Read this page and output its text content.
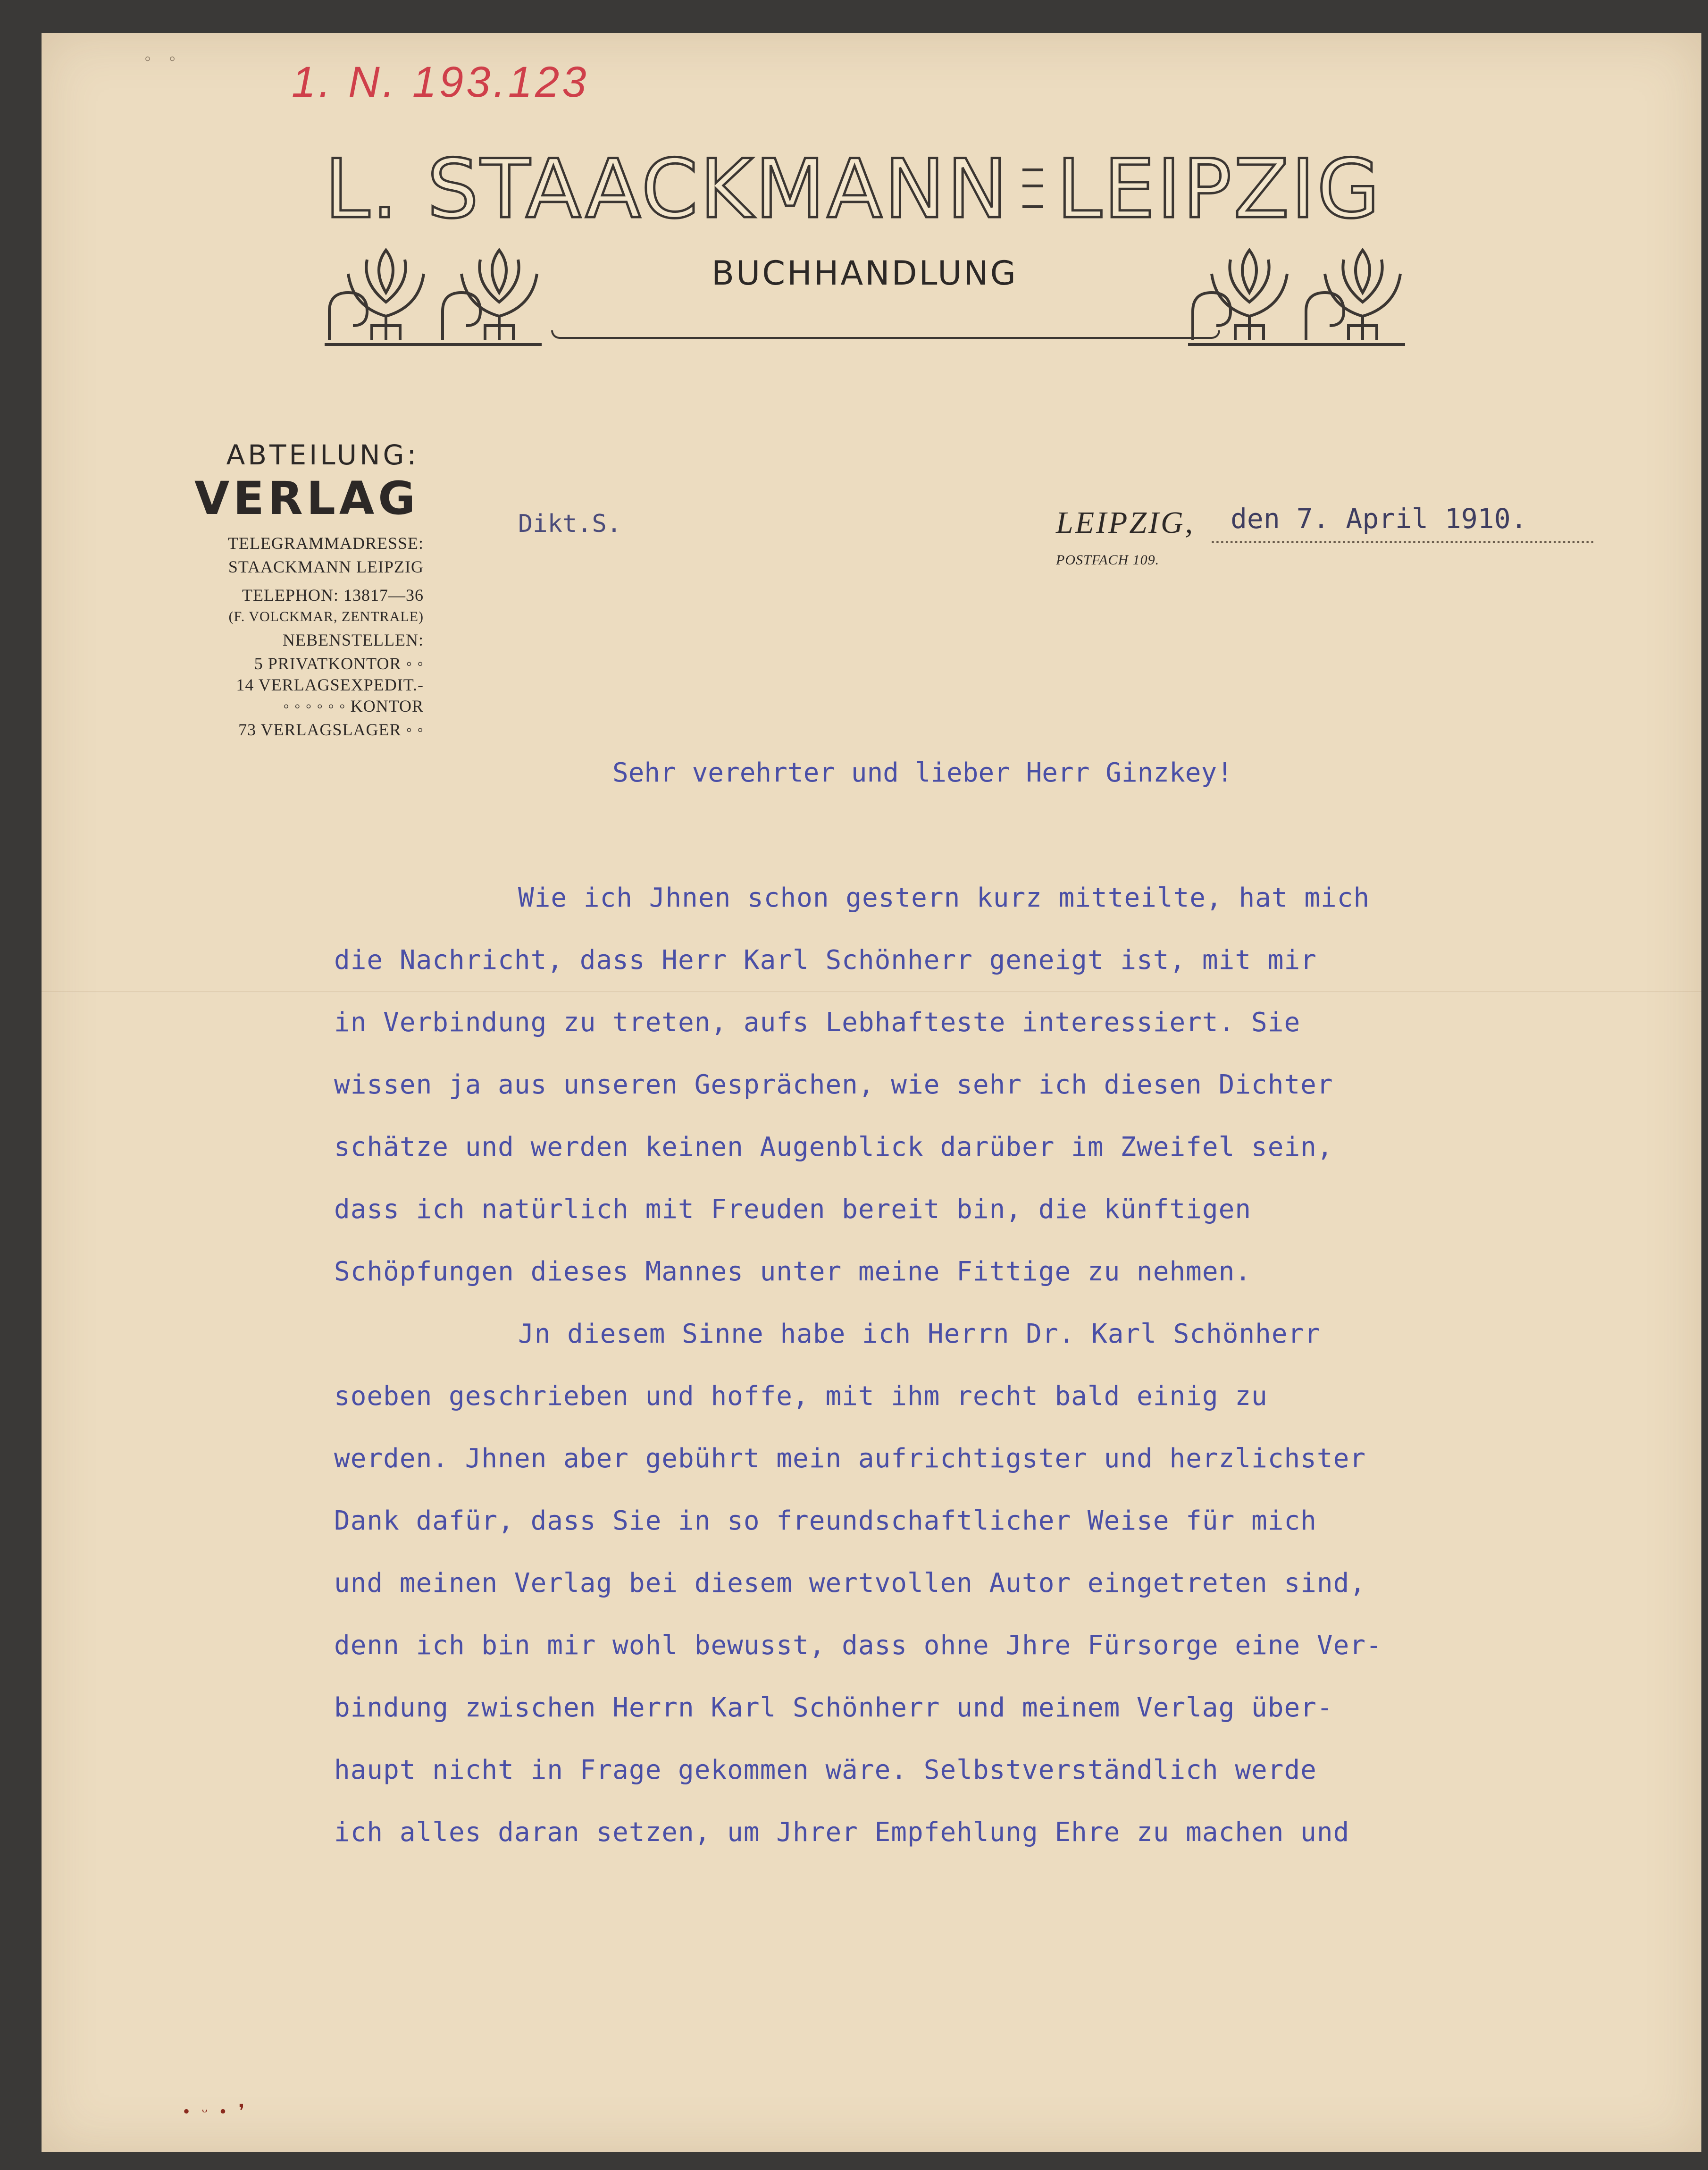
◦ ◦	1. N. 193.123
L. STAACKMANN LEIPZIG
BUCHHANDLUNG
ABTEILUNG:
VERLAG
TELEGRAMMADRESSE:
STAACKMANN LEIPZIG
TELEPHON: 13817—36
(F. VOLCKMAR, ZENTRALE)
NEBENSTELLEN:
5 PRIVATKONTOR ◦ ◦
14 VERLAGSEXPEDIT.-
◦ ◦ ◦ ◦ ◦ ◦ KONTOR
73 VERLAGSLAGER ◦ ◦
Dikt.S.	LEIPZIG,
POSTFACH 109.
den 7. April 1910.
Sehr verehrter und lieber Herr Ginzkey!
Wie ich Jhnen schon gestern kurz mitteilte, hat mich
die Nachricht, dass Herr Karl Schönherr geneigt ist, mit mir
in Verbindung zu treten, aufs Lebhafteste interessiert. Sie
wissen ja aus unseren Gesprächen, wie sehr ich diesen Dichter
schätze und werden keinen Augenblick darüber im Zweifel sein,
dass ich natürlich mit Freuden bereit bin, die künftigen
Schöpfungen dieses Mannes unter meine Fittige zu nehmen.
Jn diesem Sinne habe ich Herrn Dr. Karl Schönherr
soeben geschrieben und hoffe, mit ihm recht bald einig zu
werden. Jhnen aber gebührt mein aufrichtigster und herzlichster
Dank dafür, dass Sie in so freundschaftlicher Weise für mich
und meinen Verlag bei diesem wertvollen Autor eingetreten sind,
denn ich bin mir wohl bewusst, dass ohne Jhre Fürsorge eine Ver-
bindung zwischen Herrn Karl Schönherr und meinem Verlag über-
haupt nicht in Frage gekommen wäre. Selbstverständlich werde
ich alles daran setzen, um Jhrer Empfehlung Ehre zu machen und
• ᵕ • ❜
